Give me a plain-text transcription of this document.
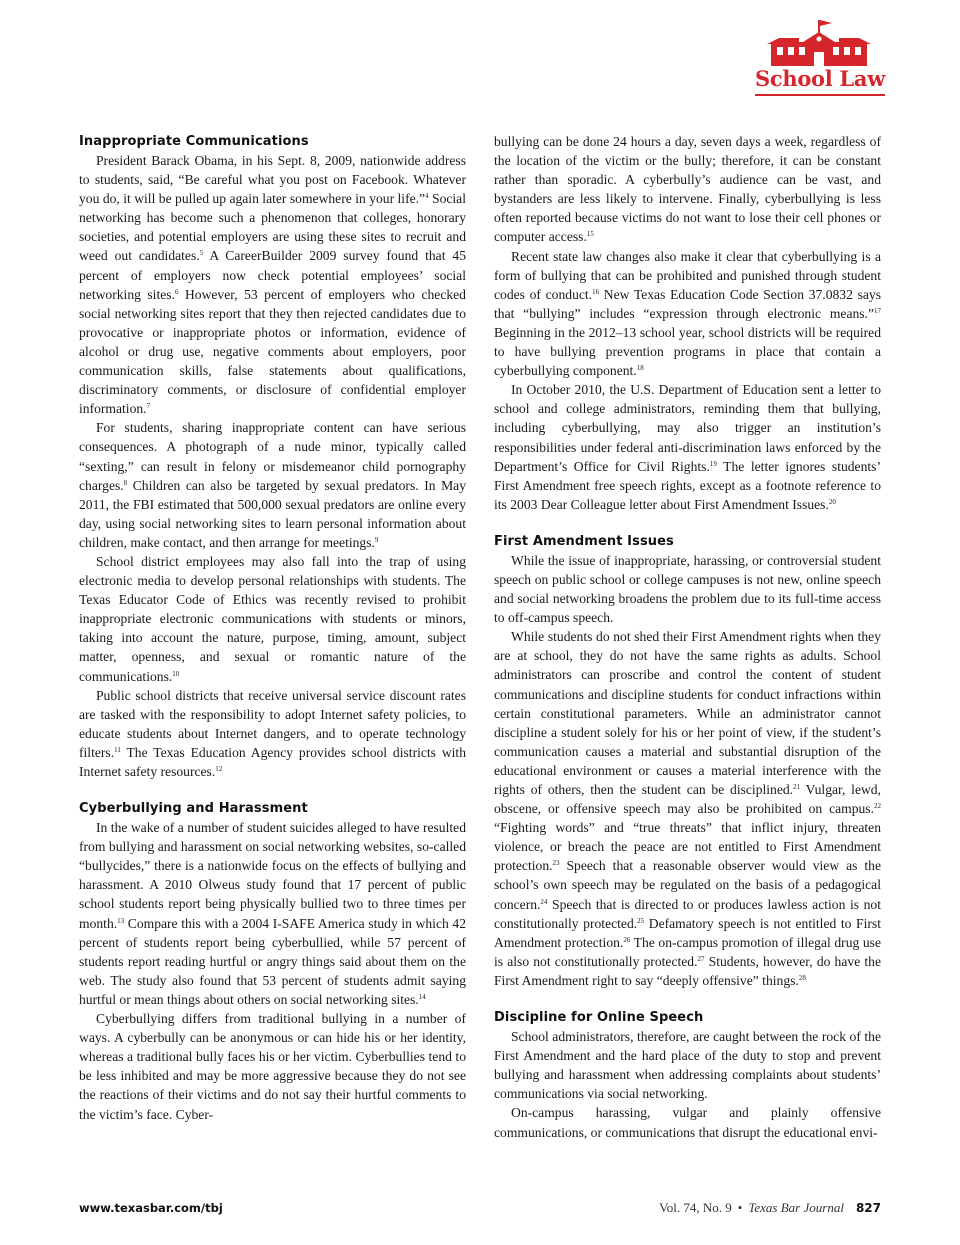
School Law
Inappropriate Communications

President Barack Obama, in his Sept. 8, 2009, nationwide address to students, said, “Be careful what you post on Facebook. Whatever you do, it will be pulled up again later somewhere in your life.”$^4$ Social networking has become such a phenomenon that colleges, honorary societies, and potential employers are using these sites to recruit and weed out candidates.$^5$ A CareerBuilder 2009 survey found that 45 percent of employers now check potential employees’ social networking sites.$^6$ However, 53 percent of employers who checked social networking sites report that they then rejected candidates due to provocative or inappropriate photos or information, evidence of alcohol or drug use, negative comments about employers, poor communication skills, false statements about qualifications, discriminatory comments, or disclosure of confidential employer information.$^7$

For students, sharing inappropriate content can have serious consequences. A photograph of a nude minor, typically called “sexting,” can result in felony or misdemeanor child pornography charges.$^8$ Children can also be targeted by sexual predators. In May 2011, the FBI estimated that 500,000 sexual predators are online every day, using social networking sites to learn personal information about children, make contact, and then arrange for meetings.$^9$

School district employees may also fall into the trap of using electronic media to develop personal relationships with students. The Texas Educator Code of Ethics was recently revised to prohibit inappropriate electronic communications with students or minors, taking into account the nature, purpose, timing, amount, subject matter, openness, and sexual or romantic nature of the communications.$^{10}$

Public school districts that receive universal service discount rates are tasked with the responsibility to adopt Internet safety policies, to educate students about Internet dangers, and to operate technology filters.$^{11}$ The Texas Education Agency provides school districts with Internet safety resources.$^{12}$

Cyberbullying and Harassment

In the wake of a number of student suicides alleged to have resulted from bullying and harassment on social networking websites, so-called “bullycides,” there is a nationwide focus on the effects of bullying and harassment. A 2010 Olweus study found that 17 percent of public school students report being physically bullied two to three times per month.$^{13}$ Compare this with a 2004 I-SAFE America study in which 42 percent of students report being cyberbullied, while 57 percent of students report reading hurtful or angry things said about them on the web. The study also found that 53 percent of students admit saying hurtful or mean things about others on social networking sites.$^{14}$

Cyberbullying differs from traditional bullying in a number of ways. A cyberbully can be anonymous or can hide his or her identity, whereas a traditional bully faces his or her victim. Cyberbullies tend to be less inhibited and may be more aggressive because they do not see the reactions of their victims and do not say their hurtful comments to the victim’s face. Cyber-

bullying can be done 24 hours a day, seven days a week, regardless of the location of the victim or the bully; therefore, it can be constant rather than sporadic. A cyberbully’s audience can be vast, and bystanders are less likely to intervene. Finally, cyberbullying is less often reported because victims do not want to lose their cell phones or computer access.$^{15}$

Recent state law changes also make it clear that cyberbullying is a form of bullying that can be prohibited and punished through student codes of conduct.$^{16}$ New Texas Education Code Section 37.0832 says that “bullying” includes “expression through electronic means.”$^{17}$ Beginning in the 2012–13 school year, school districts will be required to have bullying prevention programs in place that contain a cyberbullying component.$^{18}$

In October 2010, the U.S. Department of Education sent a letter to school and college administrators, reminding them that bullying, including cyberbullying, may also trigger an institution’s responsibilities under federal anti-discrimination laws enforced by the Department’s Office for Civil Rights.$^{19}$ The letter ignores students’ First Amendment free speech rights, except as a footnote reference to its 2003 Dear Colleague letter about First Amendment Issues.$^{20}$

First Amendment Issues

While the issue of inappropriate, harassing, or controversial student speech on public school or college campuses is not new, online speech and social networking broadens the problem due to its full-time access to off-campus speech.

While students do not shed their First Amendment rights when they are at school, they do not have the same rights as adults. School administrators can proscribe and control the content of student communications and discipline students for conduct infractions within certain constitutional parameters. While an administrator cannot discipline a student solely for his or her point of view, if the student’s communication causes a material and substantial disruption of the educational environment or causes a material interference with the rights of others, then the student can be disciplined.$^{21}$ Vulgar, lewd, obscene, or offensive speech may also be prohibited on campus.$^{22}$ “Fighting words” and “true threats” that inflict injury, threaten violence, or breach the peace are not entitled to First Amendment protection.$^{23}$ Speech that a reasonable observer would view as the school’s own speech may be regulated on the basis of a pedagogical concern.$^{24}$ Speech that is directed to or produces lawless action is not constitutionally protected.$^{25}$ Defamatory speech is not entitled to First Amendment protection.$^{26}$ The on-campus promotion of illegal drug use is also not constitutionally protected.$^{27}$ Students, however, do have the First Amendment right to say “deeply offensive” things.$^{28}$

Discipline for Online Speech

School administrators, therefore, are caught between the rock of the First Amendment and the hard place of the duty to stop and prevent bullying and harassment when addressing complaints about students’ communications via social networking.

On-campus harassing, vulgar and plainly offensive communications, or communications that disrupt the educational envi-

www.texasbar.com/tbj	Vol. 74, No. 9 • Texas Bar Journal 827
